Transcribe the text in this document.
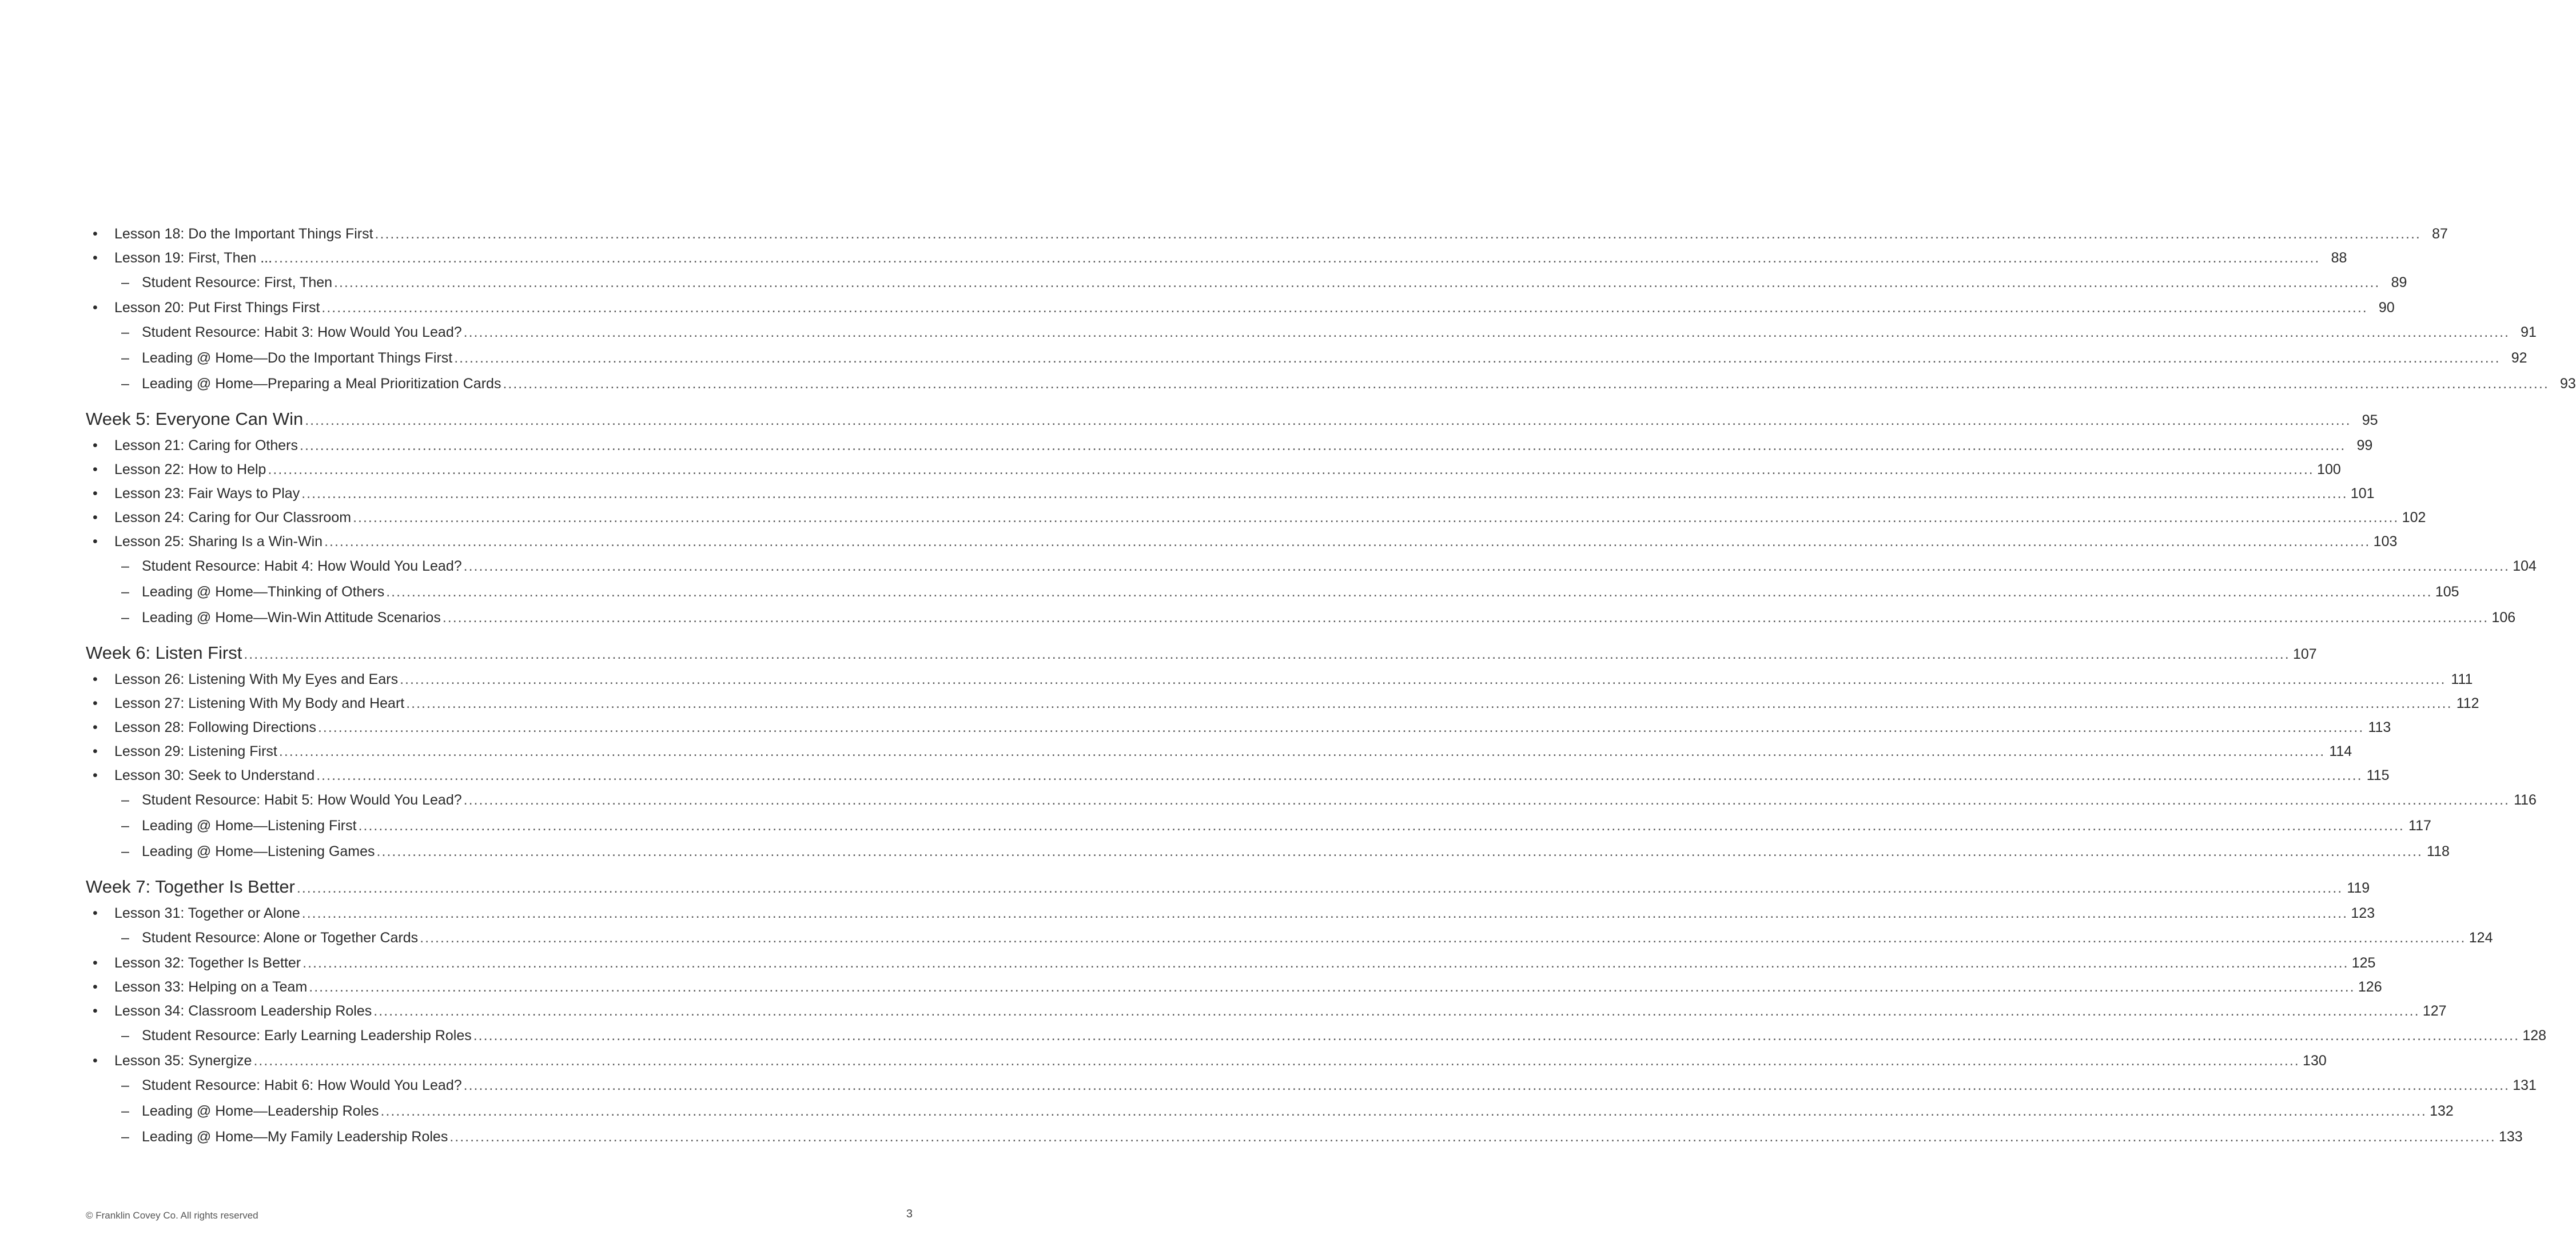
•	Lesson 18: Do the Important Things First ................................................................................................................................................................................................................................................................................................................................................................................................................ 87
•	Lesson 19: First, Then ... ................................................................................................................................................................................................................................................................................................................................................................................................................ 88
– Student Resource: First, Then ................................................................................................................................................................................................................................................................................................................................................................................................................ 89
•	Lesson 20: Put First Things First ................................................................................................................................................................................................................................................................................................................................................................................................................ 90
– Student Resource: Habit 3: How Would You Lead? ................................................................................................................................................................................................................................................................................................................................................................................................................ 91
– Leading @ Home—Do the Important Things First ................................................................................................................................................................................................................................................................................................................................................................................................................ 92
– Leading @ Home—Preparing a Meal Prioritization Cards ................................................................................................................................................................................................................................................................................................................................................................................................................ 93
Week 5: Everyone Can Win ................................................................................................................................................................................................................................................................................................................................................................................................................ 95
•	Lesson 21: Caring for Others ................................................................................................................................................................................................................................................................................................................................................................................................................ 99
•	Lesson 22: How to Help ................................................................................................................................................................................................................................................................................................................................................................................................................ 100
•	Lesson 23: Fair Ways to Play ................................................................................................................................................................................................................................................................................................................................................................................................................ 101
•	Lesson 24: Caring for Our Classroom ................................................................................................................................................................................................................................................................................................................................................................................................................ 102
•	Lesson 25: Sharing Is a Win-Win ................................................................................................................................................................................................................................................................................................................................................................................................................ 103
– Student Resource: Habit 4: How Would You Lead? ................................................................................................................................................................................................................................................................................................................................................................................................................ 104
– Leading @ Home—Thinking of Others ................................................................................................................................................................................................................................................................................................................................................................................................................ 105
– Leading @ Home—Win-Win Attitude Scenarios ................................................................................................................................................................................................................................................................................................................................................................................................................ 106
Week 6: Listen First ................................................................................................................................................................................................................................................................................................................................................................................................................ 107
•	Lesson 26: Listening With My Eyes and Ears ................................................................................................................................................................................................................................................................................................................................................................................................................ 111
•	Lesson 27: Listening With My Body and Heart ................................................................................................................................................................................................................................................................................................................................................................................................................ 112
•	Lesson 28: Following Directions ................................................................................................................................................................................................................................................................................................................................................................................................................ 113
•	Lesson 29: Listening First ................................................................................................................................................................................................................................................................................................................................................................................................................ 114
•	Lesson 30: Seek to Understand ................................................................................................................................................................................................................................................................................................................................................................................................................ 115
– Student Resource: Habit 5: How Would You Lead? ................................................................................................................................................................................................................................................................................................................................................................................................................ 116
– Leading @ Home—Listening First ................................................................................................................................................................................................................................................................................................................................................................................................................ 117
– Leading @ Home—Listening Games ................................................................................................................................................................................................................................................................................................................................................................................................................ 118
Week 7: Together Is Better ................................................................................................................................................................................................................................................................................................................................................................................................................ 119
•	Lesson 31: Together or Alone ................................................................................................................................................................................................................................................................................................................................................................................................................ 123
– Student Resource: Alone or Together Cards ................................................................................................................................................................................................................................................................................................................................................................................................................ 124
•	Lesson 32: Together Is Better ................................................................................................................................................................................................................................................................................................................................................................................................................ 125
•	Lesson 33: Helping on a Team ................................................................................................................................................................................................................................................................................................................................................................................................................ 126
•	Lesson 34: Classroom Leadership Roles ................................................................................................................................................................................................................................................................................................................................................................................................................ 127
– Student Resource: Early Learning Leadership Roles ................................................................................................................................................................................................................................................................................................................................................................................................................ 128
•	Lesson 35: Synergize ................................................................................................................................................................................................................................................................................................................................................................................................................ 130
– Student Resource: Habit 6: How Would You Lead? ................................................................................................................................................................................................................................................................................................................................................................................................................ 131
– Leading @ Home—Leadership Roles ................................................................................................................................................................................................................................................................................................................................................................................................................ 132
– Leading @ Home—My Family Leadership Roles ................................................................................................................................................................................................................................................................................................................................................................................................................ 133
© Franklin Covey Co. All rights reserved	3
